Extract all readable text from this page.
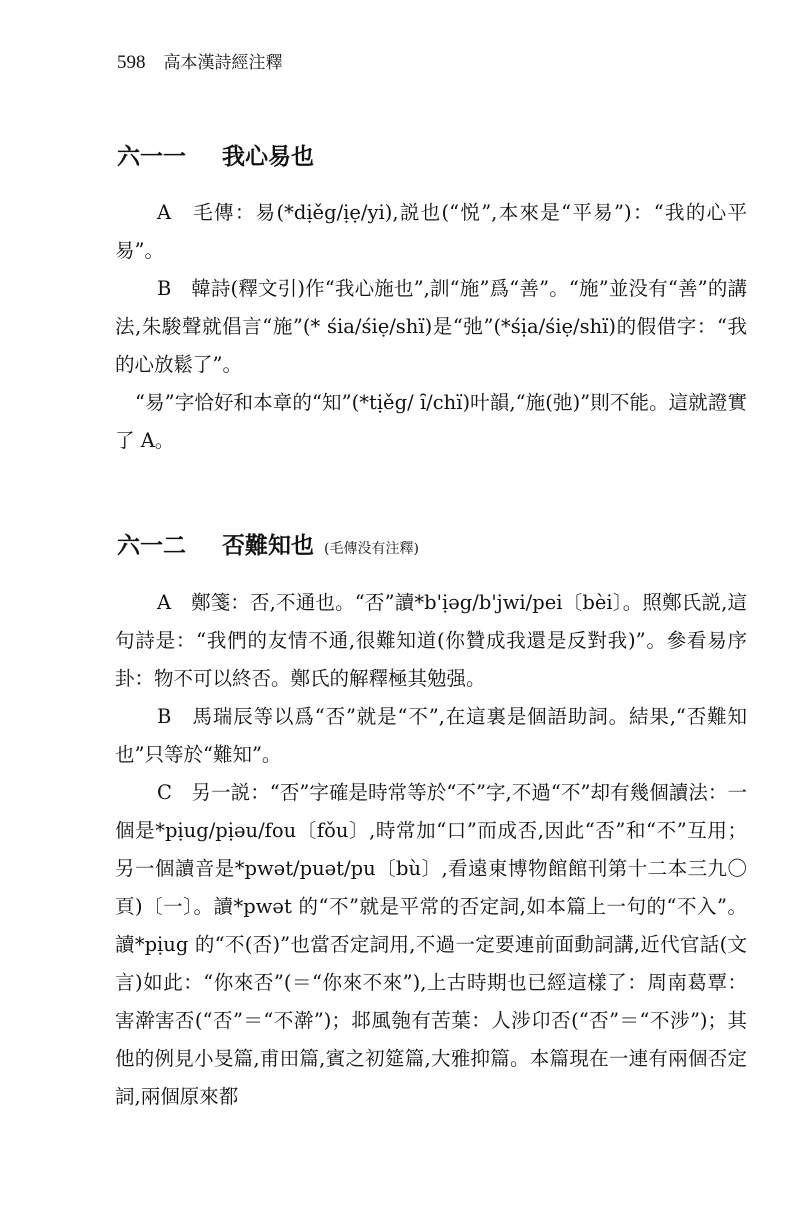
598 高本漢詩經注釋
六一一 我心易也
A　毛傳：易(*dịěg/ịẹ/yi),説也(“悦”,本來是“平易”)：“我的心平易”。
B　韓詩(釋文引)作“我心施也”,訓“施”爲“善”。“施”並没有“善”的講法,朱駿聲就倡言“施”(* śia/śiẹ/shï)是“弛”(*śịa/śiẹ/shï)的假借字：“我的心放鬆了”。
“易”字恰好和本章的“知”(*tịěg/ ȋ/chï)叶韻,“施(弛)”則不能。這就證實了 A。
六一二 否難知也 (毛傳没有注釋)
A　鄭箋：否,不通也。“否”讀*b'ịəg/b'jwi/pei〔bèi〕。照鄭氏説,這句詩是：“我們的友情不通,很難知道(你贊成我還是反對我)”。參看易序卦：物不可以終否。鄭氏的解釋極其勉强。
B　馬瑞辰等以爲“否”就是“不”,在這裏是個語助詞。結果,“否難知也”只等於“難知”。
C　另一説：“否”字確是時常等於“不”字,不過“不”却有幾個讀法：一個是*pịug/pịəu/fou〔fǒu〕,時常加“口”而成否,因此“否”和“不”互用；另一個讀音是*pwət/puət/pu〔bù〕,看遠東博物館館刊第十二本三九〇頁)〔一〕。讀*pwət 的“不”就是平常的否定詞,如本篇上一句的“不入”。讀*pịug 的“不(否)”也當否定詞用,不過一定要連前面動詞講,近代官話(文言)如此：“你來否”(＝“你來不來”),上古時期也已經這樣了：周南葛覃：害澣害否(“否”＝“不澣”)；邶風匏有苦葉：人涉卬否(“否”＝“不涉”)；其他的例見小旻篇,甫田篇,賓之初筵篇,大雅抑篇。本篇現在一連有兩個否定詞,兩個原來都
